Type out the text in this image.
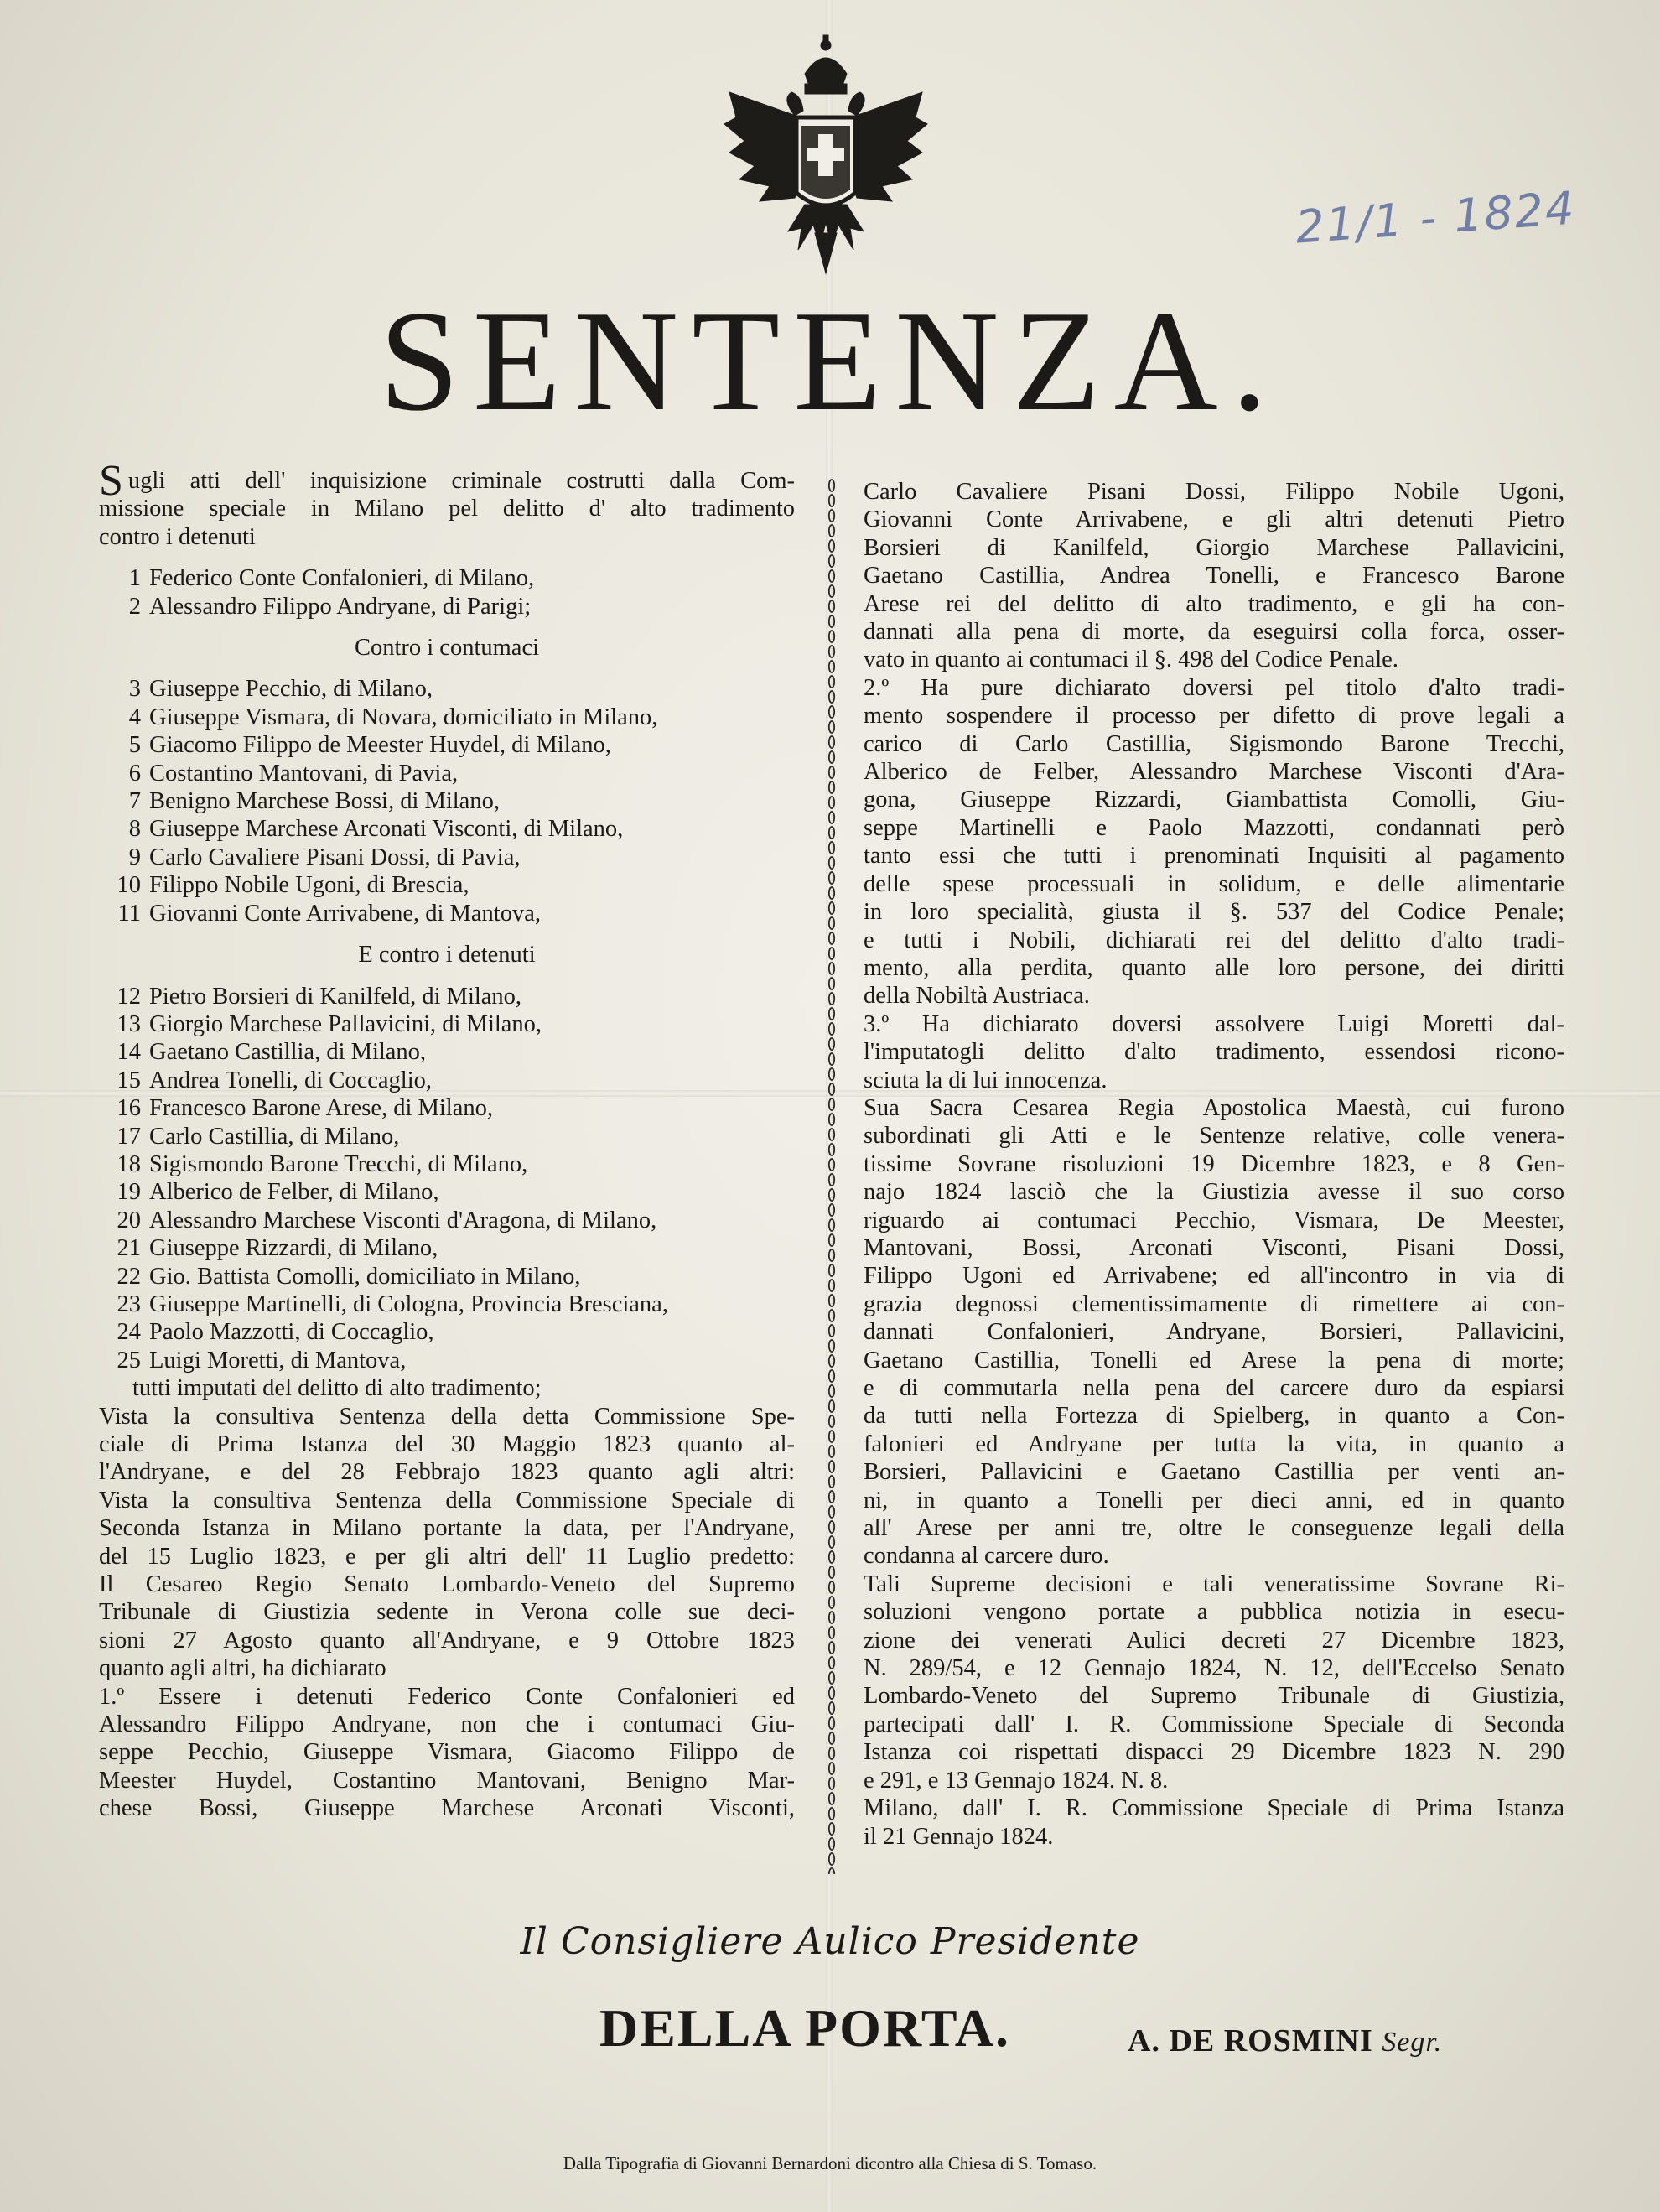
21/1 - 1824
SENTENZA.

S ugli atti dell' inquisizione criminale costrutti dalla Com-
missione speciale in Milano pel delitto d' alto tradimento
contro i detenuti

1 Federico Conte Confalonieri, di Milano,
2 Alessandro Filippo Andryane, di Parigi;
Contro i contumaci
3 Giuseppe Pecchio, di Milano,
4 Giuseppe Vismara, di Novara, domiciliato in Milano,
5 Giacomo Filippo de Meester Huydel, di Milano,
6 Costantino Mantovani, di Pavia,
7 Benigno Marchese Bossi, di Milano,
8 Giuseppe Marchese Arconati Visconti, di Milano,
9 Carlo Cavaliere Pisani Dossi, di Pavia,
10 Filippo Nobile Ugoni, di Brescia,
11 Giovanni Conte Arrivabene, di Mantova,
E contro i detenuti
12 Pietro Borsieri di Kanilfeld, di Milano,
13 Giorgio Marchese Pallavicini, di Milano,
14 Gaetano Castillia, di Milano,
15 Andrea Tonelli, di Coccaglio,
16 Francesco Barone Arese, di Milano,
17 Carlo Castillia, di Milano,
18 Sigismondo Barone Trecchi, di Milano,
19 Alberico de Felber, di Milano,
20 Alessandro Marchese Visconti d'Aragona, di Milano,
21 Giuseppe Rizzardi, di Milano,
22 Gio. Battista Comolli, domiciliato in Milano,
23 Giuseppe Martinelli, di Cologna, Provincia Bresciana,
24 Paolo Mazzotti, di Coccaglio,
25 Luigi Moretti, di Mantova,
tutti imputati del delitto di alto tradimento;
Vista la consultiva Sentenza della detta Commissione Spe-
ciale di Prima Istanza del 30 Maggio 1823 quanto al-
l'Andryane, e del 28 Febbrajo 1823 quanto agli altri:
Vista la consultiva Sentenza della Commissione Speciale di
Seconda Istanza in Milano portante la data, per l'Andryane,
del 15 Luglio 1823, e per gli altri dell' 11 Luglio predetto:
Il Cesareo Regio Senato Lombardo-Veneto del Supremo
Tribunale di Giustizia sedente in Verona colle sue deci-
sioni 27 Agosto quanto all'Andryane, e 9 Ottobre 1823
quanto agli altri, ha dichiarato
1.º Essere i detenuti Federico Conte Confalonieri ed
Alessandro Filippo Andryane, non che i contumaci Giu-
seppe Pecchio, Giuseppe Vismara, Giacomo Filippo de
Meester Huydel, Costantino Mantovani, Benigno Mar-
chese Bossi, Giuseppe Marchese Arconati Visconti,
Carlo Cavaliere Pisani Dossi, Filippo Nobile Ugoni,
Giovanni Conte Arrivabene, e gli altri detenuti Pietro
Borsieri di Kanilfeld, Giorgio Marchese Pallavicini,
Gaetano Castillia, Andrea Tonelli, e Francesco Barone
Arese rei del delitto di alto tradimento, e gli ha con-
dannati alla pena di morte, da eseguirsi colla forca, osser-
vato in quanto ai contumaci il §. 498 del Codice Penale.
2.º Ha pure dichiarato doversi pel titolo d'alto tradi-
mento sospendere il processo per difetto di prove legali a
carico di Carlo Castillia, Sigismondo Barone Trecchi,
Alberico de Felber, Alessandro Marchese Visconti d'Ara-
gona, Giuseppe Rizzardi, Giambattista Comolli, Giu-
seppe Martinelli e Paolo Mazzotti, condannati però
tanto essi che tutti i prenominati Inquisiti al pagamento
delle spese processuali in solidum, e delle alimentarie
in loro specialità, giusta il §. 537 del Codice Penale;
e tutti i Nobili, dichiarati rei del delitto d'alto tradi-
mento, alla perdita, quanto alle loro persone, dei diritti
della Nobiltà Austriaca.
3.º Ha dichiarato doversi assolvere Luigi Moretti dal-
l'imputatogli delitto d'alto tradimento, essendosi ricono-
sciuta la di lui innocenza.
Sua Sacra Cesarea Regia Apostolica Maestà, cui furono
subordinati gli Atti e le Sentenze relative, colle venera-
tissime Sovrane risoluzioni 19 Dicembre 1823, e 8 Gen-
najo 1824 lasciò che la Giustizia avesse il suo corso
riguardo ai contumaci Pecchio, Vismara, De Meester,
Mantovani, Bossi, Arconati Visconti, Pisani Dossi,
Filippo Ugoni ed Arrivabene; ed all'incontro in via di
grazia degnossi clementissimamente di rimettere ai con-
dannati Confalonieri, Andryane, Borsieri, Pallavicini,
Gaetano Castillia, Tonelli ed Arese la pena di morte;
e di commutarla nella pena del carcere duro da espiarsi
da tutti nella Fortezza di Spielberg, in quanto a Con-
falonieri ed Andryane per tutta la vita, in quanto a
Borsieri, Pallavicini e Gaetano Castillia per venti an-
ni, in quanto a Tonelli per dieci anni, ed in quanto
all' Arese per anni tre, oltre le conseguenze legali della
condanna al carcere duro.
Tali Supreme decisioni e tali veneratissime Sovrane Ri-
soluzioni vengono portate a pubblica notizia in esecu-
zione dei venerati Aulici decreti 27 Dicembre 1823,
N. 289/54, e 12 Gennajo 1824, N. 12, dell'Eccelso Senato
Lombardo-Veneto del Supremo Tribunale di Giustizia,
partecipati dall' I. R. Commissione Speciale di Seconda
Istanza coi rispettati dispacci 29 Dicembre 1823 N. 290
e 291, e 13 Gennajo 1824. N. 8.
Milano, dall' I. R. Commissione Speciale di Prima Istanza
il 21 Gennajo 1824.
Il Consigliere Aulico Presidente
DELLA PORTA.	A. DE ROSMINI Segr.
Dalla Tipografia di Giovanni Bernardoni dicontro alla Chiesa di S. Tomaso.
